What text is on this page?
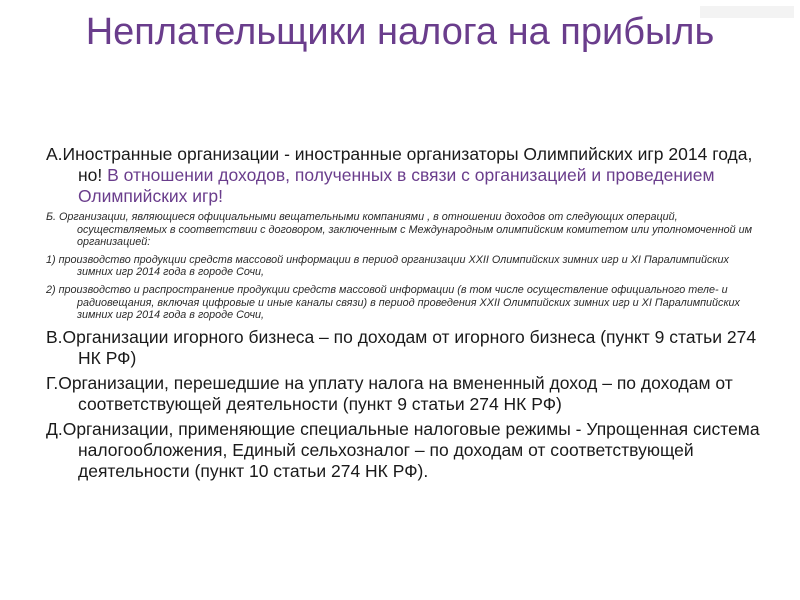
Неплательщики налога на прибыль

А.Иностранные организации - иностранные организаторы Олимпийских игр 2014 года, но! В отношении доходов, полученных в связи с организацией и проведением Олимпийских игр!

Б. Организации, являющиеся официальными вещательными компаниями , в отношении доходов от следующих операций, осуществляемых в соответствии с договором, заключенным с Международным олимпийским комитетом или уполномоченной им организацией:

1) производство продукции средств массовой информации в период организации XXII Олимпийских зимних игр и XI Паралимпийских зимних игр 2014 года в городе Сочи,

2) производство и распространение продукции средств массовой информации (в том числе осуществление официального теле- и радиовещания, включая цифровые и иные каналы связи) в период проведения XXII Олимпийских зимних игр и XI Паралимпийских зимних игр 2014 года в городе Сочи,

В.Организации игорного бизнеса – по доходам от игорного бизнеса (пункт 9 статьи 274 НК РФ)

Г.Организации, перешедшие на уплату налога на вмененный доход – по доходам от соответствующей деятельности (пункт 9 статьи 274 НК РФ)

Д.Организации, применяющие специальные налоговые режимы - Упрощенная система налогообложения, Единый сельхозналог – по доходам от соответствующей деятельности (пункт 10 статьи 274 НК РФ).
